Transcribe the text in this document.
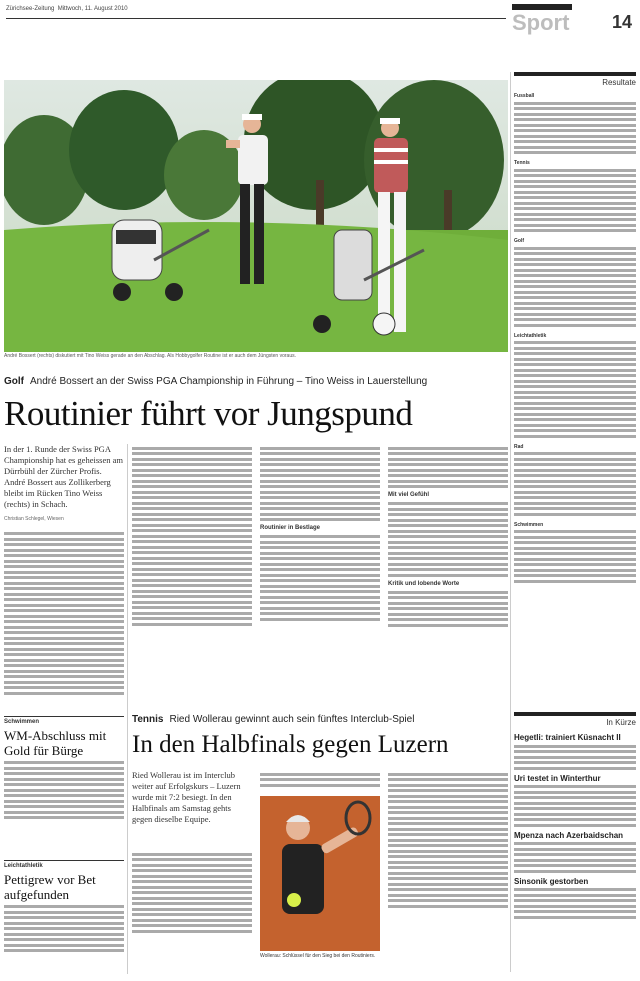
Zürichsee-Zeitung Mittwoch, 11. August 2010
Sport 14
André Bossert (rechts) diskutiert mit Tino Weiss gerade an den Abschlag. Als Hobbygolfer Routine ist er auch dem Jüngsten voraus.
Golf André Bossert an der Swiss PGA Championship in Führung – Tino Weiss in Lauerstellung
Routinier führt vor Jungspund
In der 1. Runde der Swiss PGA Championship hat es geheissen am Dürrbühl der Zürcher Profis. André Bossert aus Zollikerberg bleibt im Rücken Tino Weiss (rechts) in Schach.
Christian Schlegel, Wiesen
Schwimmen
WM-Abschluss mit Gold für Bürge
Leichtathletik
Pettigrew vor Bet aufgefunden
Routinier in Bestlage
Mit viel Gefühl
Kritik und lobende Worte
Tennis Ried Wollerau gewinnt auch sein fünftes Interclub-Spiel
In den Halbfinals gegen Luzern
Ried Wollerau ist im Interclub weiter auf Erfolgskurs – Luzern wurde mit 7:2 besiegt. In den Halbfinals am Samstag gehts gegen dieselbe Equipe.
Wollerau: Schlüssel für den Sieg bei den Routiniers.
Resultate
Fussball
Tennis
Golf
Leichtathletik
Rad
Schwimmen
In Kürze
Hegetli: trainiert Küsnacht II
Uri testet in Winterthur
Mpenza nach Azerbaidschan
Sinsonik gestorben
